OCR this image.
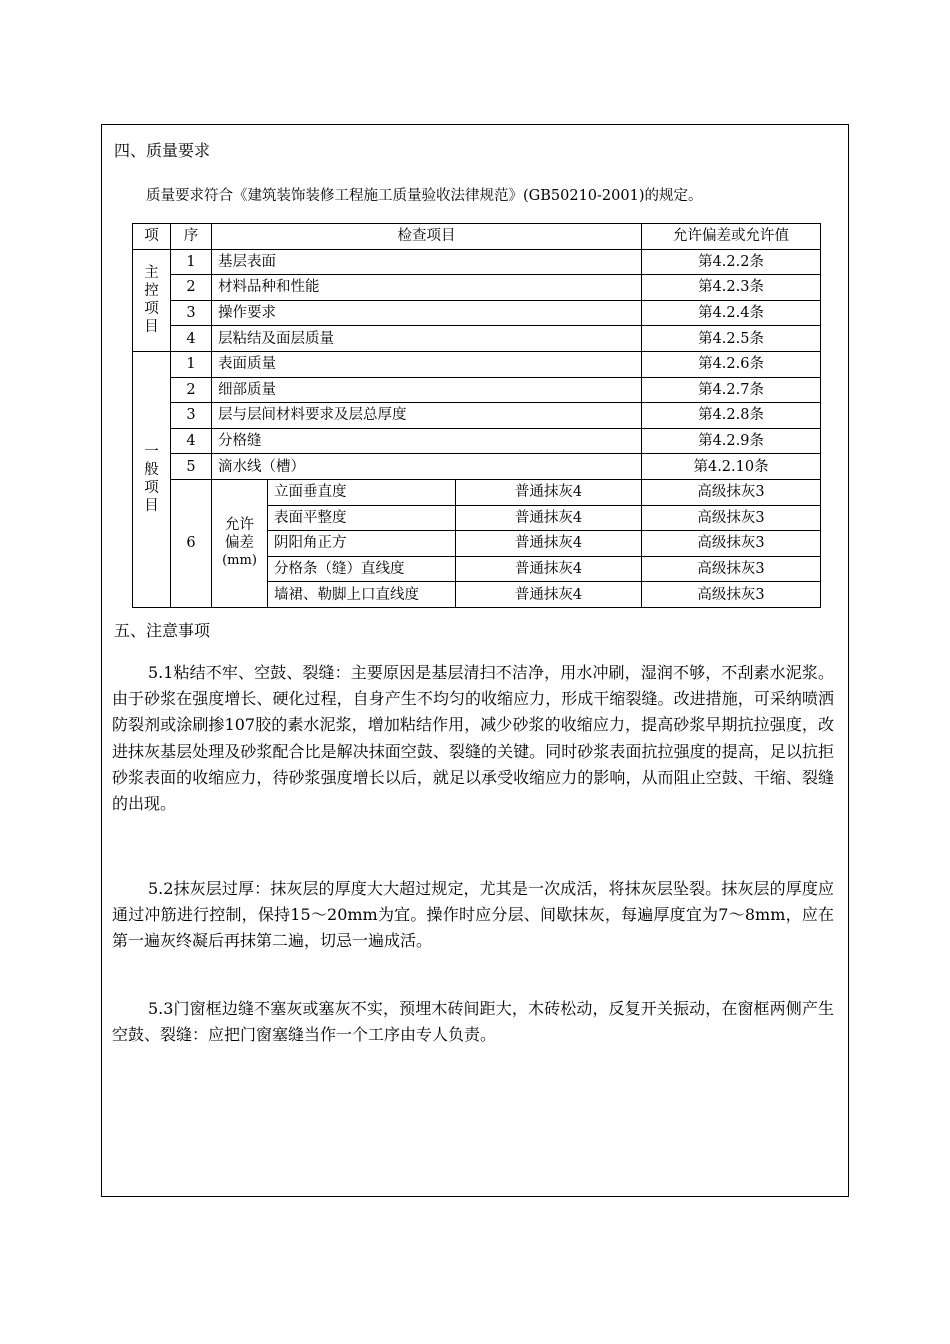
四、质量要求
质量要求符合《建筑装饰装修工程施工质量验收法律规范》(GB50210-2001)的规定。
项	序	检查项目			允许偏差或允许值

主
控
项
目	1	基层表面			第4.2.2条
	2	材料品种和性能			第4.2.3条
	3	操作要求			第4.2.4条
	4	层粘结及面层质量			第4.2.5条

一
般
项
目	1	表面质量			第4.2.6条
	2	细部质量			第4.2.7条
	3	层与层间材料要求及层总厚度			第4.2.8条
	4	分格缝			第4.2.9条
	5	滴水线（槽）			第4.2.10条
	6	允许
偏差
(mm)	立面垂直度	普通抹灰4	高级抹灰3
			表面平整度	普通抹灰4	高级抹灰3
			阴阳角正方	普通抹灰4	高级抹灰3
			分格条（缝）直线度	普通抹灰4	高级抹灰3
			墙裙、勒脚上口直线度	普通抹灰4	高级抹灰3
五、注意事项

5.1粘结不牢、空鼓、裂缝：主要原因是基层清扫不洁净，用水冲刷，湿润不够，不刮素水泥浆。由于砂浆在强度增长、硬化过程，自身产生不均匀的收缩应力，形成干缩裂缝。改进措施，可采纳喷洒防裂剂或涂刷掺107胶的素水泥浆，增加粘结作用，减少砂浆的收缩应力，提高砂浆早期抗拉强度，改进抹灰基层处理及砂浆配合比是解决抹面空鼓、裂缝的关键。同时砂浆表面抗拉强度的提高，足以抗拒砂浆表面的收缩应力，待砂浆强度增长以后，就足以承受收缩应力的影响，从而阻止空鼓、干缩、裂缝的出现。

5.2抹灰层过厚：抹灰层的厚度大大超过规定，尤其是一次成活，将抹灰层坠裂。抹灰层的厚度应通过冲筋进行控制，保持15～20mm为宜。操作时应分层、间歇抹灰，每遍厚度宜为7～8mm，应在第一遍灰终凝后再抹第二遍，切忌一遍成活。

5.3门窗框边缝不塞灰或塞灰不实，预埋木砖间距大，木砖松动，反复开关振动，在窗框两侧产生空鼓、裂缝：应把门窗塞缝当作一个工序由专人负责。
